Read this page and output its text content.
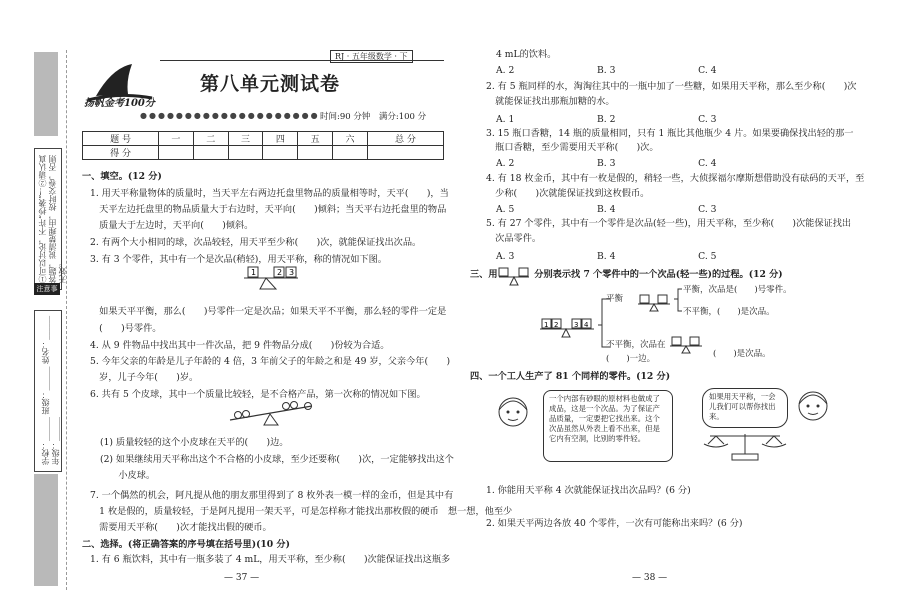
①可以讨论，不许“抄袭”！②请认真答题，说清楚理由，按时交卷，否则无效。
注意事项
学校：______ 班级：______ 姓名：______ 年级：______
扬帆金考100分
RJ · 五年级数学 · 下
第八单元测试卷
●●●●●●●●●●●●●●●●●●●● 时间:90 分钟　满分:100 分
题 号	一	二	三	四	五	六	总 分
得 分							
一、填空。(12 分)
1. 用天平称量物体的质量时，当天平左右两边托盘里物品的质量相等时，天平(　　)，当
　天平左边托盘里的物品质量大于右边时，天平向(　　)倾斜；当天平右边托盘里的物品
　质量大于左边时，天平向(　　)倾斜。
2. 有两个大小相同的球，次品较轻，用天平至少称(　　)次，就能保证找出次品。
3. 有 3 个零件，其中有一个是次品(稍轻)，用天平称，称的情况如下图。
　如果天平平衡，那么(　　)号零件一定是次品；如果天平不平衡，那么轻的零件一定是
　(　　)号零件。
4. 从 9 件物品中找出其中一件次品，把 9 件物品分成(　　)份较为合适。
5. 今年父亲的年龄是儿子年龄的 4 倍，3 年前父子的年龄之和是 49 岁，父亲今年(　　)
　岁，儿子今年(　　)岁。
6. 共有 5 个皮球，其中一个质量比较轻，是不合格产品，第一次称的情况如下图。
(1) 质量较轻的这个小皮球在天平的(　　)边。
(2) 如果继续用天平称出这个不合格的小皮球，至少还要称(　　)次，一定能够找出这个
　　小皮球。
7. 一个偶然的机会，阿凡提从他的朋友那里得到了 8 枚外表一模一样的金币，但是其中有
　1 枚是假的，质量较轻，于是阿凡提用一架天平，可是怎样称才能找出那枚假的硬币　想一想，他至少
　需要用天平称(　　)次才能找出假的硬币。
二、选择。(将正确答案的序号填在括号里)(10 分)
1. 有 6 瓶饮料，其中有一瓶多装了 4 mL，用天平称，至少称(　　)次能保证找出这瓶多
1	2 3
4 mL的饮料。
A. 2　　　　　　　　　B. 3　　　　　　　　　C. 4
2. 有 5 瓶同样的水，淘淘往其中的一瓶中加了一些糖，如果用天平称，那么至少称(　　)次
　就能保证找出那瓶加糖的水。
A. 1　　　　　　　　　B. 2　　　　　　　　　C. 3
3. 15 瓶口香糖，14 瓶的质量相同，只有 1 瓶比其他瓶少 4 片。如果要确保找出轻的那一
　瓶口香糖，至少需要用天平称(　　)次。
A. 2　　　　　　　　　B. 3　　　　　　　　　C. 4
4. 有 18 枚金币，其中有一枚是假的，稍轻一些，大侦探福尔摩斯想借助没有砝码的天平，至
　少称(　　)次就能保证找到这枚假币。
A. 5　　　　　　　　　B. 4　　　　　　　　　C. 3
5. 有 27 个零件，其中有一个零件是次品(轻一些)，用天平称，至少称(　　)次能保证找出
　次品零件。
A. 3　　　　　　　　　B. 4　　　　　　　　　C. 5
三、用　　　　分别表示找 7 个零件中的一个次品(轻一些)的过程。(12 分)
四、一个工人生产了 81 个同样的零件。(12 分)
1. 你能用天平称 4 次就能保证找出次品吗？(6 分)
2. 如果天平两边各放 40 个零件，一次有可能称出来吗？(6 分)
1 2 3 4
平衡
平衡，次品是(　　)号零件。
不平衡，(　　)是次品。
不平衡，次品在
(　　)一边。	(　　)是次品。
一个内部有砂眼的原材料也做成了成品，这是一个次品。为了保证产品质量，一定要把它找出来。这个次品虽然从外表上看不出来，但是它内有空洞，比别的零件轻。
如果用天平称，一会儿我们可以帮你找出来。
— 37 —	— 38 —
